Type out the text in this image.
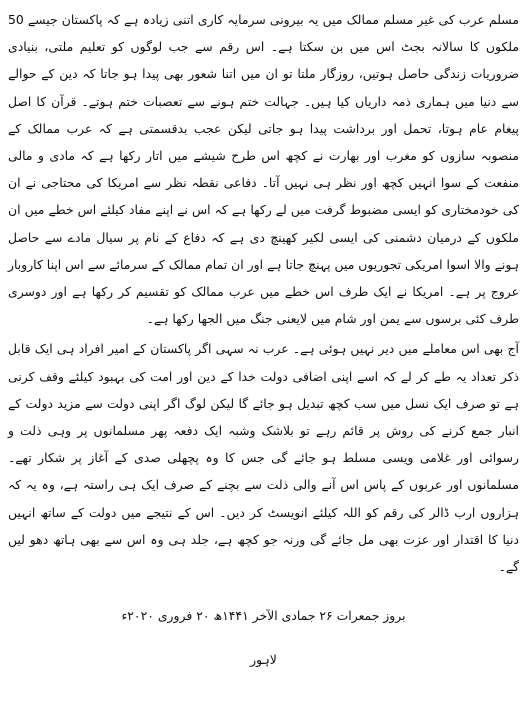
مسلم عرب کی غیر مسلم ممالک میں یہ بیرونی سرمایہ کاری اتنی زیادہ ہے کہ پاکستان جیسے 50 ملکوں کا سالانہ بجٹ اس میں بن سکتا ہے۔ اس رقم سے جب لوگوں کو تعلیم ملتی، بنیادی ضروریات زندگی حاصل ہوتیں، روزگار ملتا تو ان میں اتنا شعور بھی پیدا ہو جاتا کہ دین کے حوالے سے دنیا میں ہماری ذمہ داریاں کیا ہیں۔ جہالت ختم ہونے سے تعصبات ختم ہوتے۔ قرآن کا اصل پیغام عام ہوتا، تحمل اور برداشت پیدا ہو جاتی لیکن عجب بدقسمتی ہے کہ عرب ممالک کے منصوبہ سازوں کو مغرب اور بھارت نے کچھ اس طرح شیشے میں اتار رکھا ہے کہ مادی و مالی منفعت کے سوا انہیں کچھ اور نظر ہی نہیں آتا۔ دفاعی نقطہ نظر سے امریکا کی محتاجی نے ان کی خودمختاری کو ایسی مضبوط گرفت میں لے رکھا ہے کہ اس نے اپنے مفاد کیلئے اس خطے میں ان ملکوں کے درمیان دشمنی کی ایسی لکیر کھینچ دی ہے کہ دفاع کے نام پر سیال مادے سے حاصل ہونے والا اسوا امریکی تجوریوں میں پہنچ جاتا ہے اور ان تمام ممالک کے سرمائے سے اس اپنا کاروبار عروج پر ہے۔ امریکا نے ایک طرف اس خطے میں عرب ممالک کو تقسیم کر رکھا ہے اور دوسری طرف کئی برسوں سے یمن اور شام میں لایعنی جنگ میں الجھا رکھا ہے۔

آج بھی اس معاملے میں دیر نہیں ہوئی ہے۔ عرب نہ سہی اگر پاکستان کے امیر افراد ہی ایک قابل ذکر تعداد یہ طے کر لے کہ اسے اپنی اضافی دولت خدا کے دین اور امت کی بہبود کیلئے وقف کرنی ہے تو صرف ایک نسل میں سب کچھ تبدیل ہو جائے گا لیکن لوگ اگر اپنی دولت سے مزید دولت کے انبار جمع کرنے کی روش پر قائم رہے تو بلاشک وشبہ ایک دفعہ پھر مسلمانوں پر وہی ذلت و رسوائی اور غلامی ویسی مسلط ہو جائے گی جس کا وہ پچھلی صدی کے آغاز پر شکار تھے۔ مسلمانوں اور عربوں کے پاس اس آنے والی ذلت سے بچنے کے صرف ایک ہی راستہ ہے، وہ یہ کہ ہزاروں ارب ڈالر کی رقم کو اللہ کیلئے انویسٹ کر دیں۔ اس کے نتیجے میں دولت کے ساتھ انہیں دنیا کا اقتدار اور عزت بھی مل جائے گی ورنہ جو کچھ ہے، جلد ہی وہ اس سے بھی ہاتھ دھو لیں گے۔

بروز جمعرات ۲۶ جمادی الآخر ۱۴۴۱ھ ۲۰ فروری ۲۰۲۰ء

لاہور
